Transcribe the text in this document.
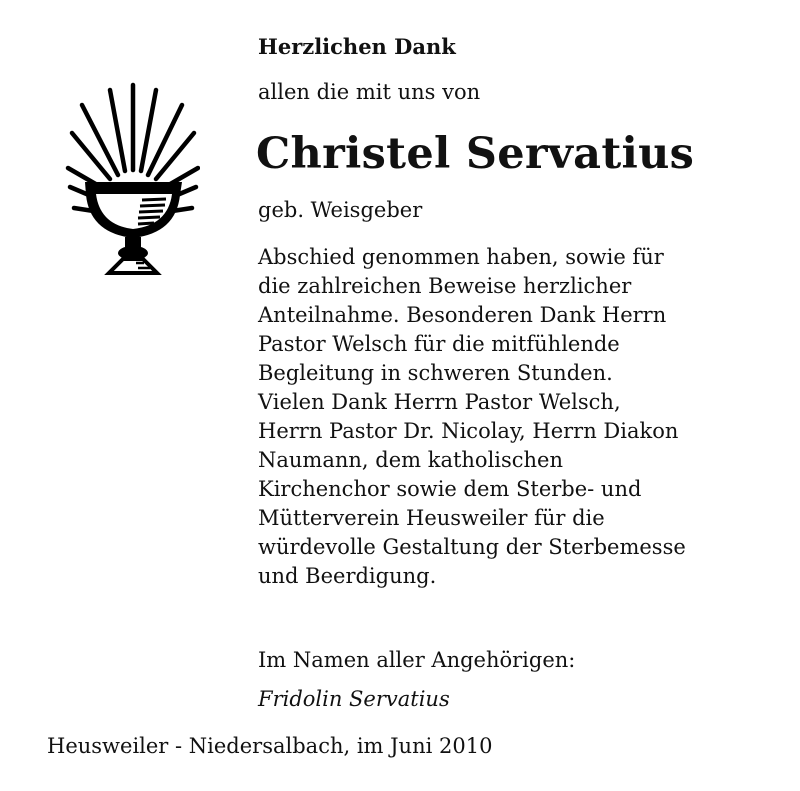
Herzlichen Dank
allen die mit uns von
Christel Servatius
geb. Weisgeber
Abschied genommen haben, sowie für
die zahlreichen Beweise herzlicher
Anteilnahme. Besonderen Dank Herrn
Pastor Welsch für die mitfühlende
Begleitung in schweren Stunden.
Vielen Dank Herrn Pastor Welsch,
Herrn Pastor Dr. Nicolay, Herrn Diakon
Naumann, dem katholischen
Kirchenchor sowie dem Sterbe- und
Mütterverein Heusweiler für die
würdevolle Gestaltung der Sterbemesse
und Beerdigung.
Im Namen aller Angehörigen:
Fridolin Servatius
Heusweiler - Niedersalbach, im Juni 2010
